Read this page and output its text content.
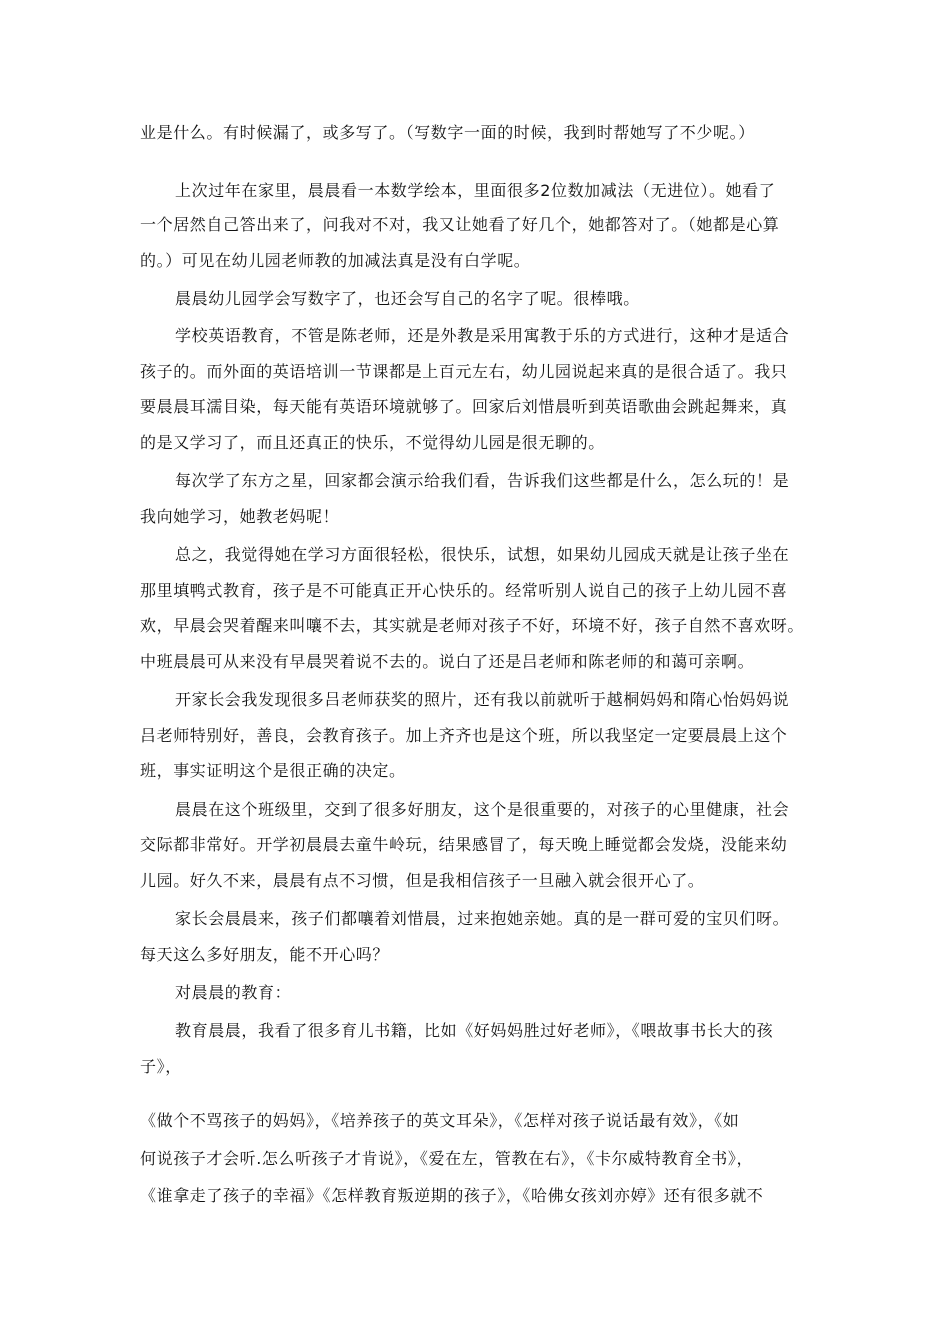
业是什么。有时候漏了，或多写了。（写数字一面的时候，我到时帮她写了不少呢。）
上次过年在家里，晨晨看一本数学绘本，里面很多2位数加减法（无进位）。她看了
一个居然自己答出来了，问我对不对，我又让她看了好几个，她都答对了。（她都是心算
的。）可见在幼儿园老师教的加减法真是没有白学呢。
晨晨幼儿园学会写数字了，也还会写自己的名字了呢。很棒哦。
学校英语教育，不管是陈老师，还是外教是采用寓教于乐的方式进行，这种才是适合
孩子的。而外面的英语培训一节课都是上百元左右，幼儿园说起来真的是很合适了。我只
要晨晨耳濡目染，每天能有英语环境就够了。回家后刘惜晨听到英语歌曲会跳起舞来，真
的是又学习了，而且还真正的快乐，不觉得幼儿园是很无聊的。
每次学了东方之星，回家都会演示给我们看，告诉我们这些都是什么，怎么玩的！是
我向她学习，她教老妈呢！
总之，我觉得她在学习方面很轻松，很快乐，试想，如果幼儿园成天就是让孩子坐在
那里填鸭式教育，孩子是不可能真正开心快乐的。经常听别人说自己的孩子上幼儿园不喜
欢，早晨会哭着醒来叫嚷不去，其实就是老师对孩子不好，环境不好，孩子自然不喜欢呀。
中班晨晨可从来没有早晨哭着说不去的。说白了还是吕老师和陈老师的和蔼可亲啊。
开家长会我发现很多吕老师获奖的照片，还有我以前就听于越桐妈妈和隋心怡妈妈说
吕老师特别好，善良，会教育孩子。加上齐齐也是这个班，所以我坚定一定要晨晨上这个
班，事实证明这个是很正确的决定。
晨晨在这个班级里，交到了很多好朋友，这个是很重要的，对孩子的心里健康，社会
交际都非常好。开学初晨晨去童牛岭玩，结果感冒了，每天晚上睡觉都会发烧，没能来幼
儿园。好久不来，晨晨有点不习惯，但是我相信孩子一旦融入就会很开心了。
家长会晨晨来，孩子们都嚷着刘惜晨，过来抱她亲她。真的是一群可爱的宝贝们呀。
每天这么多好朋友，能不开心吗？
对晨晨的教育：
教育晨晨，我看了很多育儿书籍，比如《好妈妈胜过好老师》，《喂故事书长大的孩
子》，
《做个不骂孩子的妈妈》，《培养孩子的英文耳朵》，《怎样对孩子说话最有效》，《如
何说孩子才会听.怎么听孩子才肯说》，《爱在左，管教在右》，《卡尔威特教育全书》，
《谁拿走了孩子的幸福》《怎样教育叛逆期的孩子》，《哈佛女孩刘亦婷》还有很多就不
